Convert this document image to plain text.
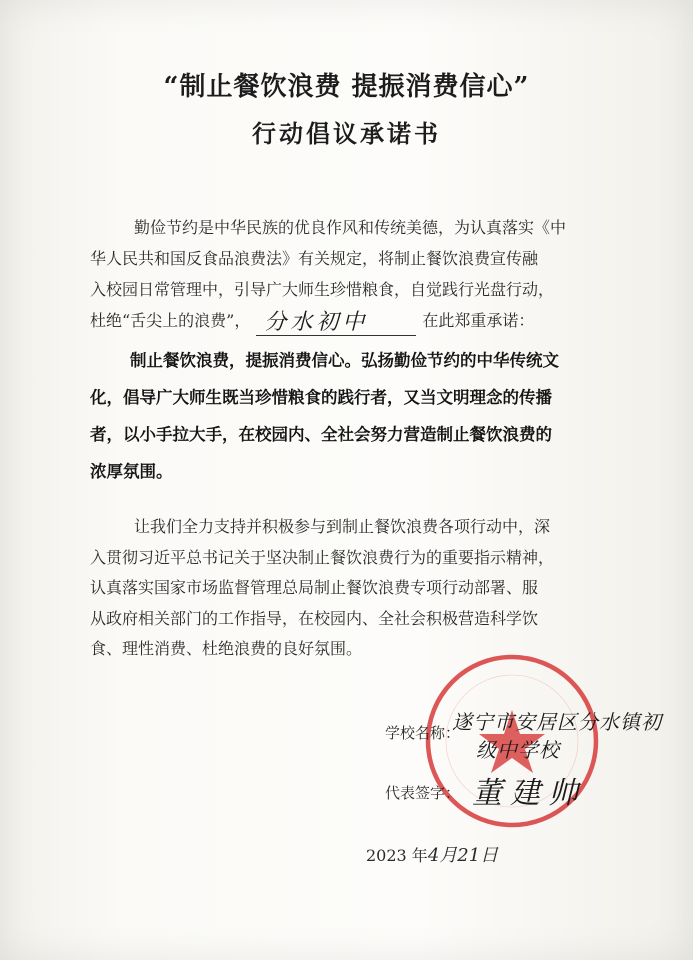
“制止餐饮浪费 提振消费信心”
行动倡议承诺书
勤俭节约是中华民族的优良作风和传统美德，为认真落实《中
华人民共和国反食品浪费法》有关规定，将制止餐饮浪费宣传融
入校园日常管理中，引导广大师生珍惜粮食，自觉践行光盘行动，
杜绝“舌尖上的浪费”， 分水初中	在此郑重承诺：
制止餐饮浪费，提振消费信心。弘扬勤俭节约的中华传统文
化，倡导广大师生既当珍惜粮食的践行者，又当文明理念的传播
者，以小手拉大手，在校园内、全社会努力营造制止餐饮浪费的
浓厚氛围。
让我们全力支持并积极参与到制止餐饮浪费各项行动中，深
入贯彻习近平总书记关于坚决制止餐饮浪费行为的重要指示精神，
认真落实国家市场监督管理总局制止餐饮浪费专项行动部署、服
从政府相关部门的工作指导，在校园内、全社会积极营造科学饮
食、理性消费、杜绝浪费的良好氛围。
学校名称：
遂宁市安居区分水镇初
级中学校
代表签字： 董建帅
2023 年4月21日
